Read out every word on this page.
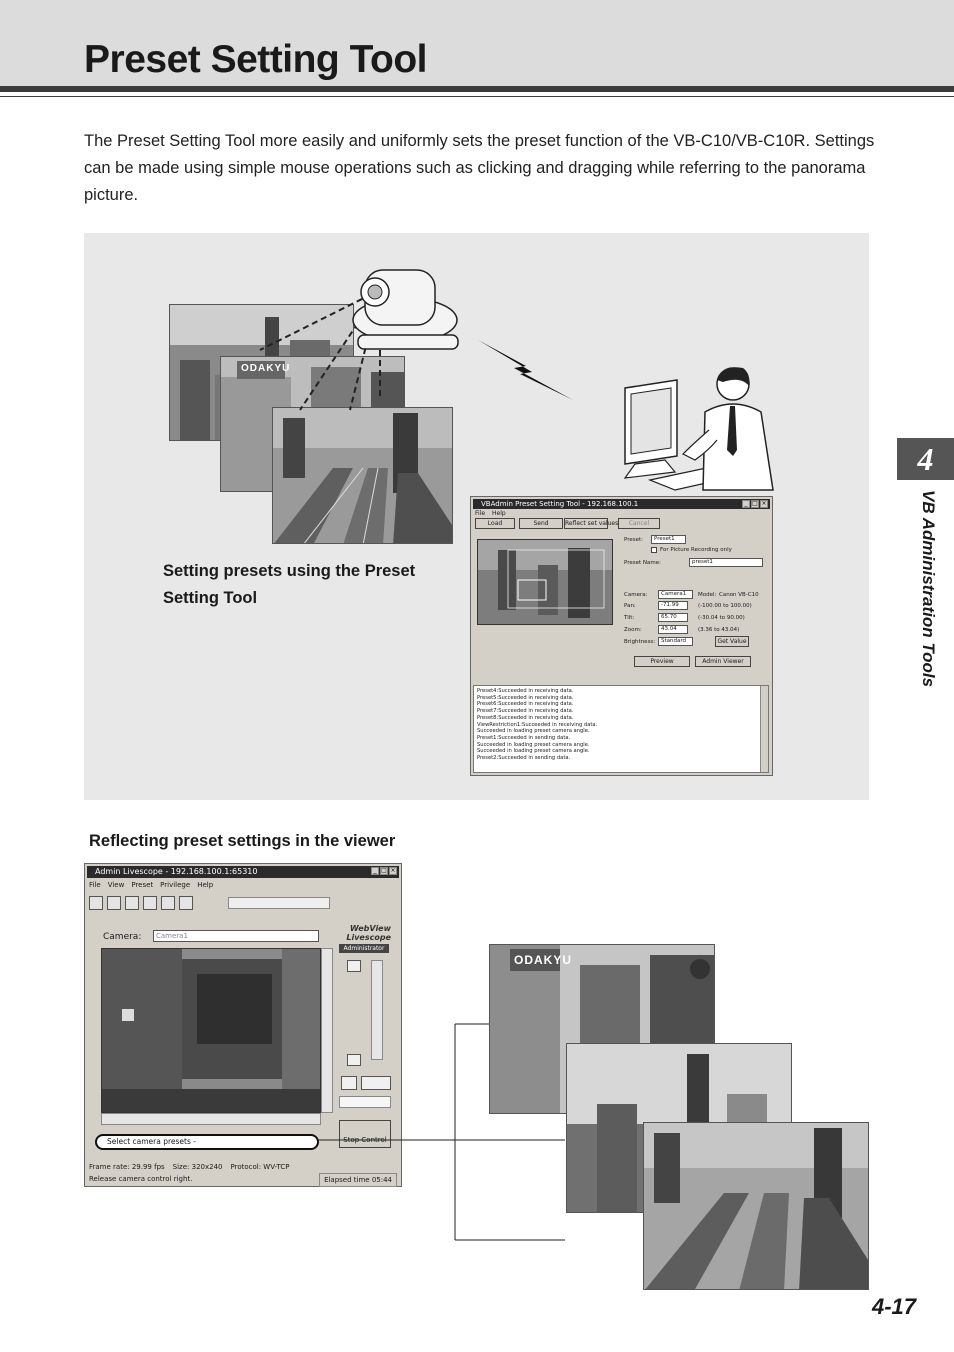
Preset Setting Tool
The Preset Setting Tool more easily and uniformly sets the preset function of the VB-C10/VB-C10R. Settings can be made using simple mouse operations such as clicking and dragging while referring to the panorama picture.
ODAKYU
Setting presets using the Preset Setting Tool
VBAdmin Preset Setting Tool - 192.168.100.1	_ □ ×
File Help
Load	Send	Reflect set values	Cancel
Preset:	Preset1
For Picture Recording only
Preset Name:	preset1
Camera:	Camera1	Model: Canon VB-C10
Pan:	-71.99	(-100.00 to 100.00)
Tilt:	65.70	(-30.04 to 90.00)
Zoom:	43.04	(3.36 to 43.04)
Brightness:	Standard	Get Value
Preview	Admin Viewer
Preset4:Succeeded in receiving data.
Preset5:Succeeded in receiving data.
Preset6:Succeeded in receiving data.
Preset7:Succeeded in receiving data.
Preset8:Succeeded in receiving data.
ViewRestriction1:Succeeded in receiving data.
Succeeded in loading preset camera angle.
Preset1:Succeeded in sending data.
Succeeded in loading preset camera angle.
Succeeded in loading preset camera angle.
Preset2:Succeeded in sending data.
Reflecting preset settings in the viewer
Admin Livescope - 192.168.100.1:65310	_ □ ×
File View Preset Privilege Help
Camera:	Camera1
WebView
Livescope
Administrator
Select camera presets -	Stop Control
Frame rate: 29.99 fps Size: 320x240 Protocol: WV-TCP
Release camera control right.	Elapsed time 05:44
ODAKYU
4
VB Administration Tools
4-17
